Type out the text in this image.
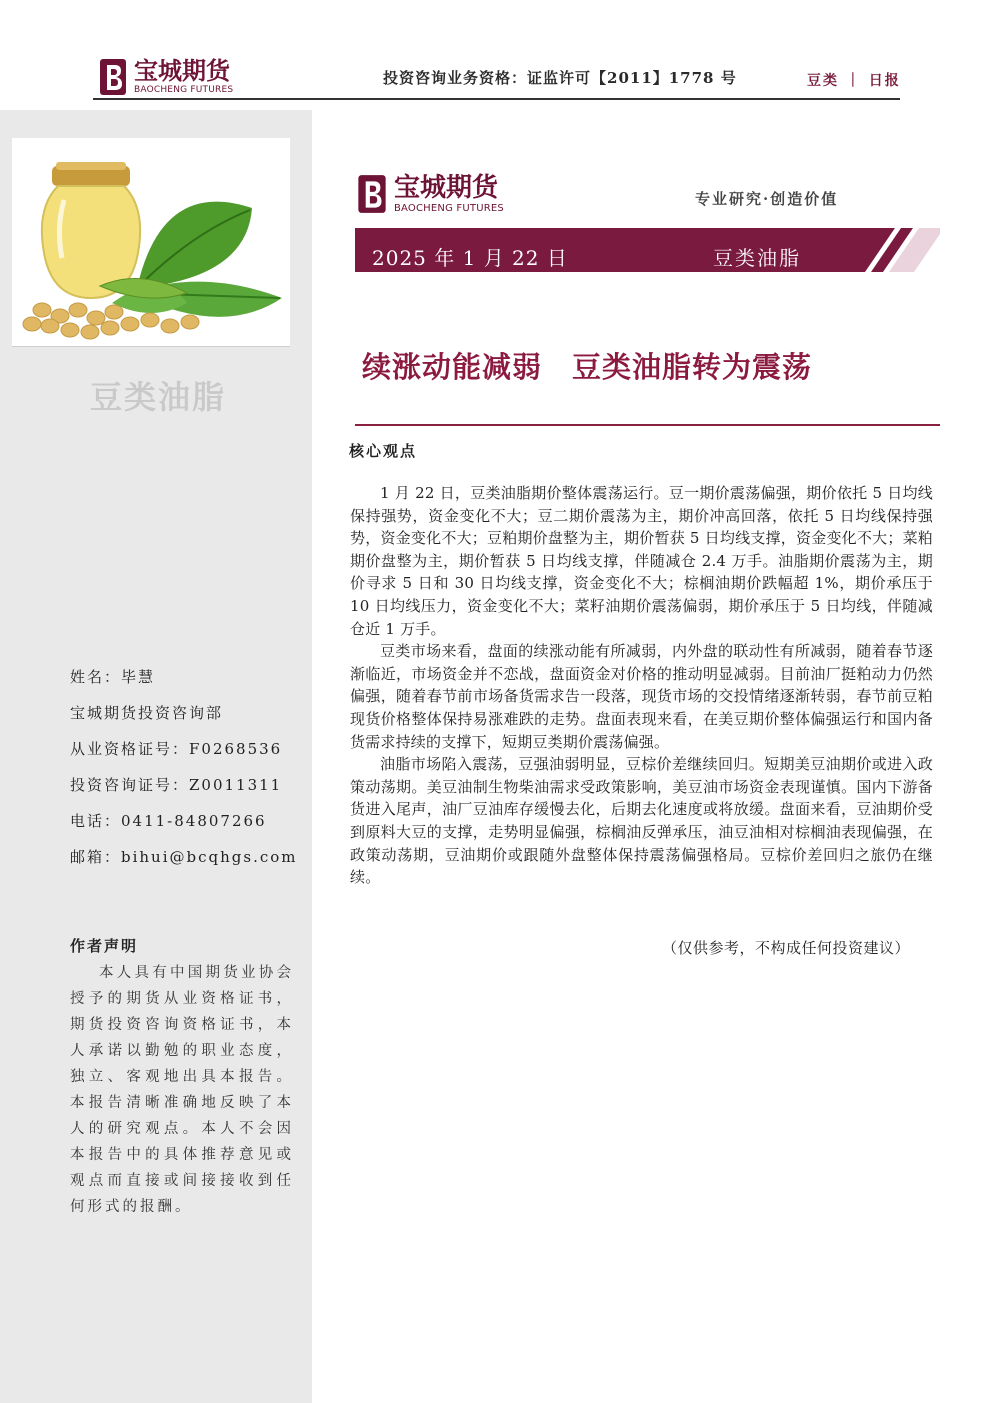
宝城期货
BAOCHENG FUTURES
投资咨询业务资格：证监许可【2011】1778 号	豆类 ｜ 日报
豆类油脂
姓名：毕慧
宝城期货投资咨询部
从业资格证号：F0268536
投资咨询证号：Z0011311
电话：0411-84807266
邮箱：bihui@bcqhgs.com
作者声明
本人具有中国期货业协会授予的期货从业资格证书，期货投资咨询资格证书，本人承诺以勤勉的职业态度，独立、客观地出具本报告。本报告清晰准确地反映了本人的研究观点。本人不会因本报告中的具体推荐意见或观点而直接或间接接收到任何形式的报酬。
宝城期货
BAOCHENG FUTURES	专业研究·创造价值
2025 年 1 月 22 日	豆类油脂
续涨动能减弱　豆类油脂转为震荡
核心观点

1 月 22 日，豆类油脂期价整体震荡运行。豆一期价震荡偏强，期价依托 5 日均线保持强势，资金变化不大；豆二期价震荡为主，期价冲高回落，依托 5 日均线保持强势，资金变化不大；豆粕期价盘整为主，期价暂获 5 日均线支撑，资金变化不大；菜粕期价盘整为主，期价暂获 5 日均线支撑，伴随减仓 2.4 万手。油脂期价震荡为主，期价寻求 5 日和 30 日均线支撑，资金变化不大；棕榈油期价跌幅超 1%，期价承压于 10 日均线压力，资金变化不大；菜籽油期价震荡偏弱，期价承压于 5 日均线，伴随减仓近 1 万手。

豆类市场来看，盘面的续涨动能有所减弱，内外盘的联动性有所减弱，随着春节逐渐临近，市场资金并不恋战，盘面资金对价格的推动明显减弱。目前油厂挺粕动力仍然偏强，随着春节前市场备货需求告一段落，现货市场的交投情绪逐渐转弱，春节前豆粕现货价格整体保持易涨难跌的走势。盘面表现来看，在美豆期价整体偏强运行和国内备货需求持续的支撑下，短期豆类期价震荡偏强。

油脂市场陷入震荡，豆强油弱明显，豆棕价差继续回归。短期美豆油期价或进入政策动荡期。美豆油制生物柴油需求受政策影响，美豆油市场资金表现谨慎。国内下游备货进入尾声，油厂豆油库存缓慢去化，后期去化速度或将放缓。盘面来看，豆油期价受到原料大豆的支撑，走势明显偏强，棕榈油反弹承压，油豆油相对棕榈油表现偏强，在政策动荡期，豆油期价或跟随外盘整体保持震荡偏强格局。豆棕价差回归之旅仍在继续。

（仅供参考，不构成任何投资建议）
